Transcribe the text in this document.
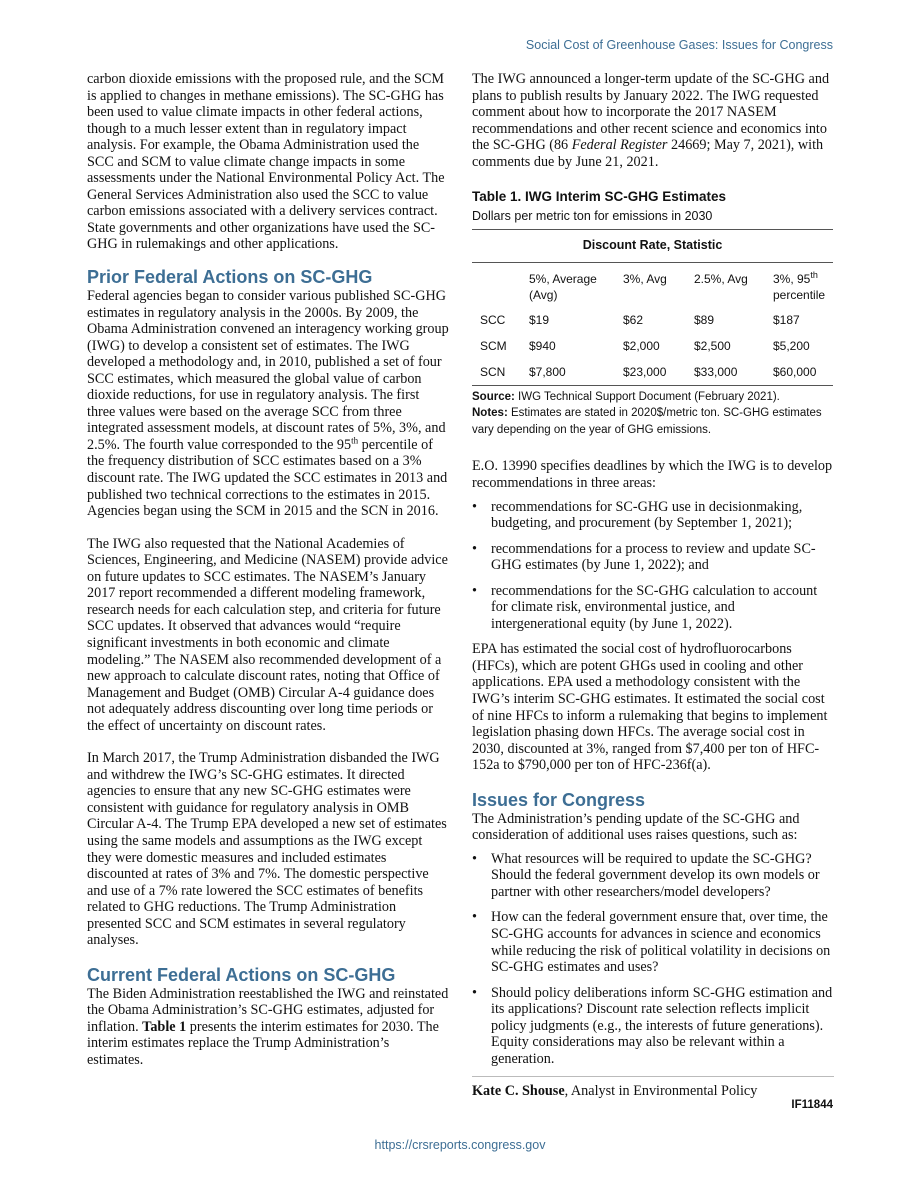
Social Cost of Greenhouse Gases: Issues for Congress

carbon dioxide emissions with the proposed rule, and the SCM is applied to changes in methane emissions). The SC-GHG has been used to value climate impacts in other federal actions, though to a much lesser extent than in regulatory impact analysis. For example, the Obama Administration used the SCC and SCM to value climate change impacts in some assessments under the National Environmental Policy Act. The General Services Administration also used the SCC to value carbon emissions associated with a delivery services contract. State governments and other organizations have used the SC-GHG in rulemakings and other applications.

Prior Federal Actions on SC-GHG

Federal agencies began to consider various published SC-GHG estimates in regulatory analysis in the 2000s. By 2009, the Obama Administration convened an interagency working group (IWG) to develop a consistent set of estimates. The IWG developed a methodology and, in 2010, published a set of four SCC estimates, which measured the global value of carbon dioxide reductions, for use in regulatory analysis. The first three values were based on the average SCC from three integrated assessment models, at discount rates of 5%, 3%, and 2.5%. The fourth value corresponded to the 95th percentile of the frequency distribution of SCC estimates based on a 3% discount rate. The IWG updated the SCC estimates in 2013 and published two technical corrections to the estimates in 2015. Agencies began using the SCM in 2015 and the SCN in 2016.

The IWG also requested that the National Academies of Sciences, Engineering, and Medicine (NASEM) provide advice on future updates to SCC estimates. The NASEM’s January 2017 report recommended a different modeling framework, research needs for each calculation step, and criteria for future SCC updates. It observed that advances would “require significant investments in both economic and climate modeling.” The NASEM also recommended development of a new approach to calculate discount rates, noting that Office of Management and Budget (OMB) Circular A-4 guidance does not adequately address discounting over long time periods or the effect of uncertainty on discount rates.

In March 2017, the Trump Administration disbanded the IWG and withdrew the IWG’s SC-GHG estimates. It directed agencies to ensure that any new SC-GHG estimates were consistent with guidance for regulatory analysis in OMB Circular A-4. The Trump EPA developed a new set of estimates using the same models and assumptions as the IWG except they were domestic measures and included estimates discounted at rates of 3% and 7%. The domestic perspective and use of a 7% rate lowered the SCC estimates of benefits related to GHG reductions. The Trump Administration presented SCC and SCM estimates in several regulatory analyses.

Current Federal Actions on SC-GHG

The Biden Administration reestablished the IWG and reinstated the Obama Administration’s SC-GHG estimates, adjusted for inflation. Table 1 presents the interim estimates for 2030. The interim estimates replace the Trump Administration’s estimates.

The IWG announced a longer-term update of the SC-GHG and plans to publish results by January 2022. The IWG requested comment about how to incorporate the 2017 NASEM recommendations and other recent science and economics into the SC-GHG (86 Federal Register 24669; May 7, 2021), with comments due by June 21, 2021.

Table 1. IWG Interim SC-GHG Estimates
Dollars per metric ton for emissions in 2030
Discount Rate, Statistic				
	5%, Average (Avg)	3%, Avg	2.5%, Avg	3%, 95th
percentile
SCC	$19	$62	$89	$187
SCM	$940	$2,000	$2,500	$5,200
SCN	$7,800	$23,000	$33,000	$60,000
Source: IWG Technical Support Document (February 2021).
Notes: Estimates are stated in 2020$/metric ton. SC-GHG estimates vary depending on the year of GHG emissions.

E.O. 13990 specifies deadlines by which the IWG is to develop recommendations in three areas:

• recommendations for SC-GHG use in decisionmaking, budgeting, and procurement (by September 1, 2021);
• recommendations for a process to review and update SC-GHG estimates (by June 1, 2022); and
• recommendations for the SC-GHG calculation to account for climate risk, environmental justice, and intergenerational equity (by June 1, 2022).

EPA has estimated the social cost of hydrofluorocarbons (HFCs), which are potent GHGs used in cooling and other applications. EPA used a methodology consistent with the IWG’s interim SC-GHG estimates. It estimated the social cost of nine HFCs to inform a rulemaking that begins to implement legislation phasing down HFCs. The average social cost in 2030, discounted at 3%, ranged from $7,400 per ton of HFC-152a to $790,000 per ton of HFC-236f(a).

Issues for Congress

The Administration’s pending update of the SC-GHG and consideration of additional uses raises questions, such as:

• What resources will be required to update the SC-GHG? Should the federal government develop its own models or partner with other researchers/model developers?
• How can the federal government ensure that, over time, the SC-GHG accounts for advances in science and economics while reducing the risk of political volatility in decisions on SC-GHG estimates and uses?
• Should policy deliberations inform SC-GHG estimation and its applications? Discount rate selection reflects implicit policy judgments (e.g., the interests of future generations). Equity considerations may also be relevant within a generation.

Kate C. Shouse, Analyst in Environmental Policy

IF11844
https://crsreports.congress.gov
